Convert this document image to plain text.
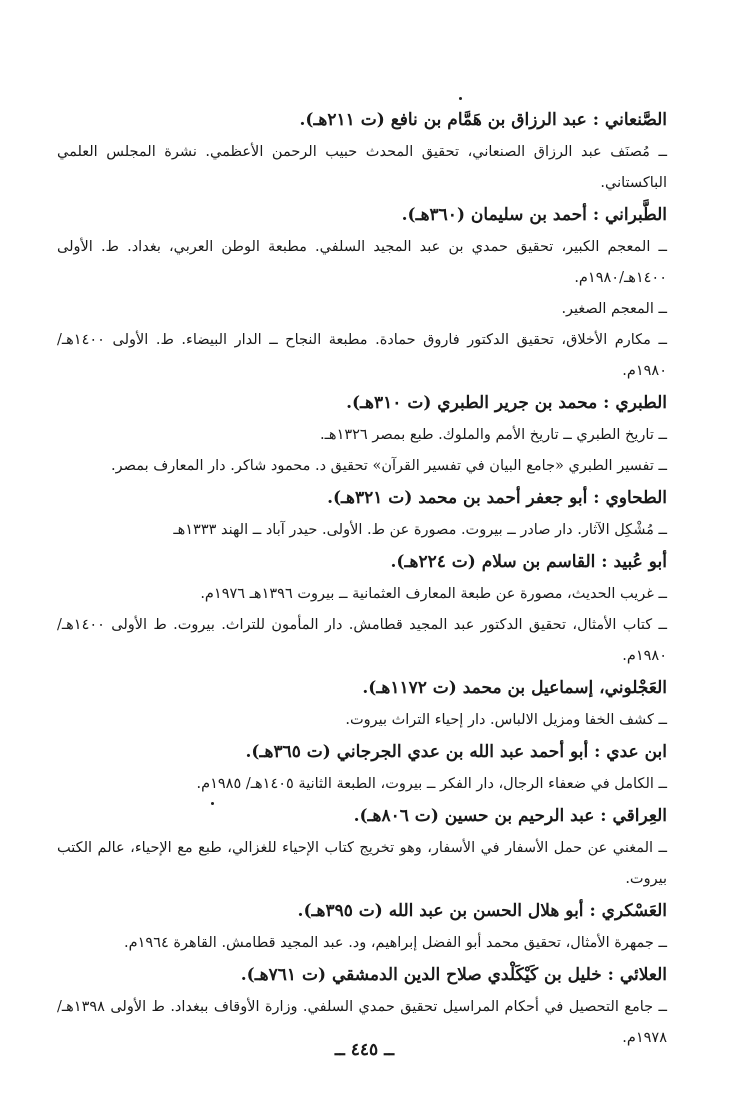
الصَّنعاني : عبد الرزاق بن هَمَّام بن نافع (ت ٢١١هـ).

ــ مُصنَف عبد الرزاق الصنعاني، تحقيق المحدث حبيب الرحمن الأعظمي. نشرة المجلس العلمي الباكستاني.

الطَّبراني : أحمد بن سليمان (٣٦٠هـ).

ــ المعجم الكبير، تحقيق حمدي بن عبد المجيد السلفي. مطبعة الوطن العربي، بغداد. ط. الأولى ١٤٠٠هـ/١٩٨٠م.

ــ المعجم الصغير.

ــ مكارم الأخلاق، تحقيق الدكتور فاروق حمادة. مطبعة النجاح ــ الدار البيضاء. ط. الأولى ١٤٠٠هـ/ ١٩٨٠م.

الطبري : محمد بن جرير الطبري (ت ٣١٠هـ).

ــ تاريخ الطبري ــ تاريخ الأمم والملوك. طبع بمصر ١٣٢٦هـ.

ــ تفسير الطبري «جامع البيان في تفسير القرآن» تحقيق د. محمود شاكر. دار المعارف بمصر.

الطحاوي : أبو جعفر أحمد بن محمد (ت ٣٢١هـ).

ــ مُشْكِل الآثار. دار صادر ــ بيروت. مصورة عن ط. الأولى. حيدر آباد ــ الهند ١٣٣٣هـ

أبو عُبيد : القاسم بن سلام (ت ٢٢٤هـ).

ــ غريب الحديث، مصورة عن طبعة المعارف العثمانية ــ بيروت ١٣٩٦هـ ١٩٧٦م.

ــ كتاب الأمثال، تحقيق الدكتور عبد المجيد قطامش. دار المأمون للتراث. بيروت. ط الأولى ١٤٠٠هـ/١٩٨٠م.

العَجْلوني، إسماعيل بن محمد (ت ١١٧٢هـ).

ــ كشف الخفا ومزيل الالباس. دار إحياء التراث بيروت.

ابن عدي : أبو أحمد عبد الله بن عدي الجرجاني (ت ٣٦٥هـ).

ــ الكامل في ضعفاء الرجال، دار الفكر ــ بيروت، الطبعة الثانية ١٤٠٥هـ/ ١٩٨٥م.

العِراقي : عبد الرحيم بن حسين (ت ٨٠٦هـ).

ــ المغني عن حمل الأسفار في الأسفار، وهو تخريج كتاب الإحياء للغزالي، طبع مع الإحياء، عالم الكتب بيروت.

العَسْكري : أبو هلال الحسن بن عبد الله (ت ٣٩٥هـ).

ــ جمهرة الأمثال، تحقيق محمد أبو الفضل إبراهيم، ود. عبد المجيد قطامش. القاهرة ١٩٦٤م.

العلائي : خليل بن كَيْكَلْدي صلاح الدين الدمشقي (ت ٧٦١هـ).

ــ جامع التحصيل في أحكام المراسيل تحقيق حمدي السلفي. وزارة الأوقاف ببغداد. ط الأولى ١٣٩٨هـ/١٩٧٨م.

ــ ٤٤٥ ــ
